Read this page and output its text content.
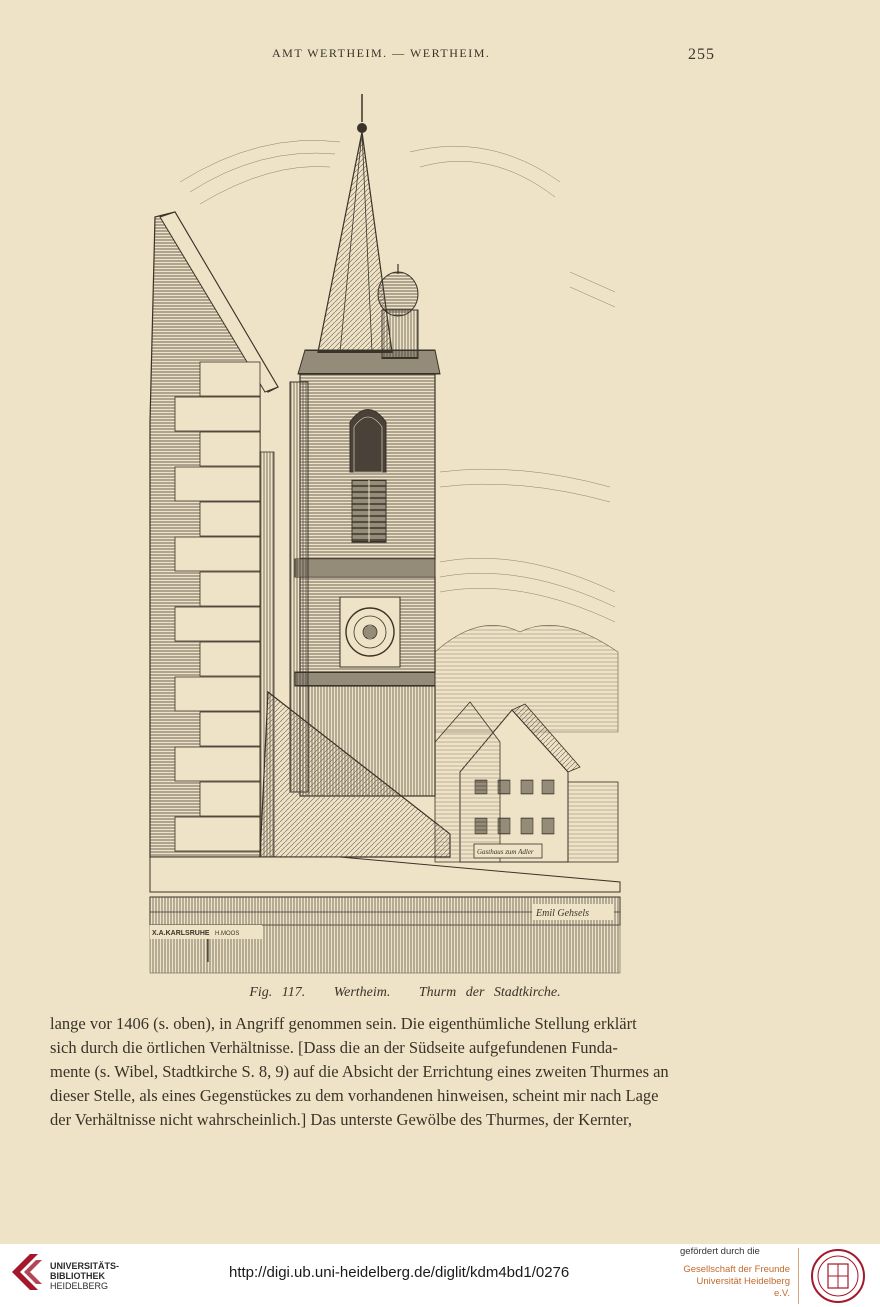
AMT WERTHEIM. — WERTHEIM.	255
Gasthaus zum Adler
X.A.KARLSRUHE H.MOOS
Emil Gehsels
Fig. 117.   Wertheim.   Thurm der Stadtkirche.

lange vor 1406 (s. oben), in Angriff genommen sein. Die eigenthümliche Stellung erklärt

sich durch die örtlichen Verhältnisse. [Dass die an der Südseite aufgefundenen Funda-

mente (s. Wibel, Stadtkirche S. 8, 9) auf die Absicht der Errichtung eines zweiten Thurmes an

dieser Stelle, als eines Gegenstückes zu dem vorhandenen hinweisen, scheint mir nach Lage

der Verhältnisse nicht wahrscheinlich.] Das unterste Gewölbe des Thurmes, der Kernter,

UNIVERSITÄTS-
BIBLIOTHEK
HEIDELBERG
http://digi.ub.uni-heidelberg.de/diglit/kdm4bd1/0276
gefördert durch die
Gesellschaft der Freunde
Universität Heidelberg e.V.
